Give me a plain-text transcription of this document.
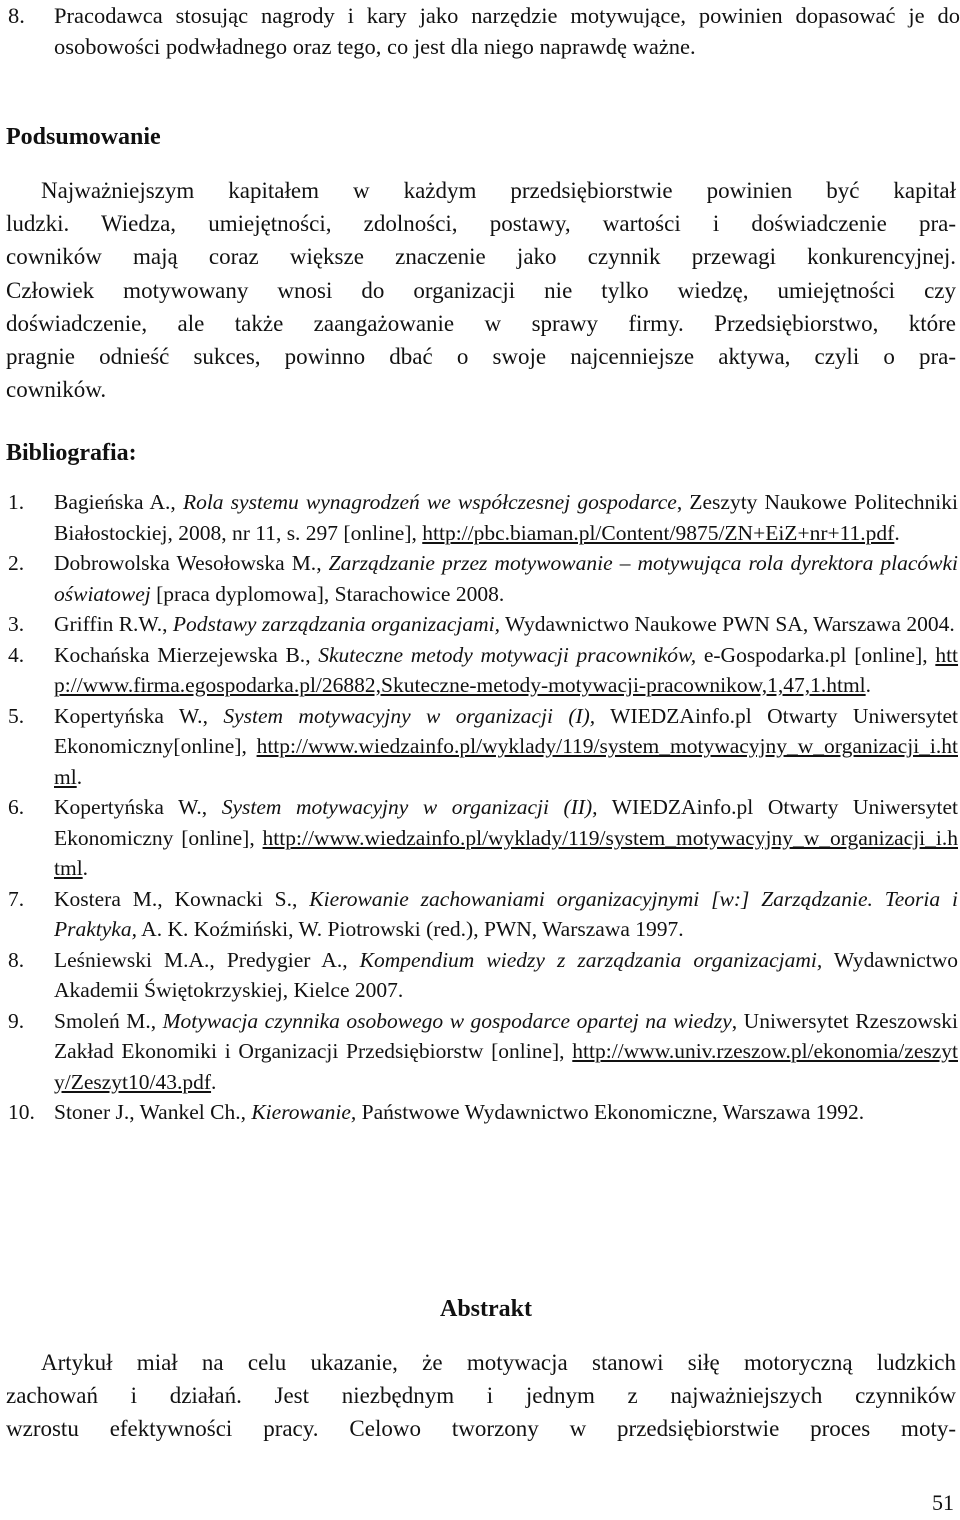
8. Pracodawca stosując nagrody i kary jako narzędzie motywujące, powinien dopasować je do osobowości podwładnego oraz tego, co jest dla niego naprawdę ważne.
Podsumowanie
Najważniejszym kapitałem w każdym przedsiębiorstwie powinien być kapitał
ludzki. Wiedza, umiejętności, zdolności, postawy, wartości i doświadczenie pra-
cowników mają coraz większe znaczenie jako czynnik przewagi konkurencyjnej.
Człowiek motywowany wnosi do organizacji nie tylko wiedzę, umiejętności czy
doświadczenie, ale także zaangażowanie w sprawy firmy. Przedsiębiorstwo, które
pragnie odnieść sukces, powinno dbać o swoje najcenniejsze aktywa, czyli o pra-
cowników.
Bibliografia:
1. Bagieńska A., Rola systemu wynagrodzeń we współczesnej gospodarce, Zeszyty Naukowe Politechniki Białostockiej, 2008, nr 11, s. 297 [online], http://pbc.biaman.pl/Content/9875/ZN+EiZ+nr+11.pdf.
2. Dobrowolska Wesołowska M., Zarządzanie przez motywowanie – motywująca rola dyrektora placówki oświatowej [praca dyplomowa], Starachowice 2008.
3. Griffin R.W., Podstawy zarządzania organizacjami, Wydawnictwo Naukowe PWN SA, Warszawa 2004.
4. Kochańska Mierzejewska B., Skuteczne metody motywacji pracowników, e-Gospodarka.pl [online], http://www.firma.egospodarka.pl/26882,Skuteczne-metody-motywacji-pracownikow,1,47,1.html.
5. Kopertyńska W., System motywacyjny w organizacji (I), WIEDZAinfo.pl Otwarty Uniwersytet Ekonomiczny[online], http://www.wiedzainfo.pl/wyklady/119/system_motywacyjny_w_organizacji_i.html.
6. Kopertyńska W., System motywacyjny w organizacji (II), WIEDZAinfo.pl Otwarty Uniwersytet Ekonomiczny [online], http://www.wiedzainfo.pl/wyklady/119/system_motywacyjny_w_organizacji_i.html.
7. Kostera M., Kownacki S., Kierowanie zachowaniami organizacyjnymi [w:] Zarządzanie. Teoria i Praktyka, A. K. Koźmiński, W. Piotrowski (red.), PWN, Warszawa 1997.
8. Leśniewski M.A., Predygier A., Kompendium wiedzy z zarządzania organizacjami, Wydawnictwo Akademii Świętokrzyskiej, Kielce 2007.
9. Smoleń M., Motywacja czynnika osobowego w gospodarce opartej na wiedzy, Uniwersytet Rzeszowski Zakład Ekonomiki i Organizacji Przedsiębiorstw [online], http://www.univ.rzeszow.pl/ekonomia/zeszyty/Zeszyt10/43.pdf.
10. Stoner J., Wankel Ch., Kierowanie, Państwowe Wydawnictwo Ekonomiczne, Warszawa 1992.
Abstrakt
Artykuł miał na celu ukazanie, że motywacja stanowi siłę motoryczną ludzkich
zachowań i działań. Jest niezbędnym i jednym z najważniejszych czynników
wzrostu efektywności pracy. Celowo tworzony w przedsiębiorstwie proces moty-
51
